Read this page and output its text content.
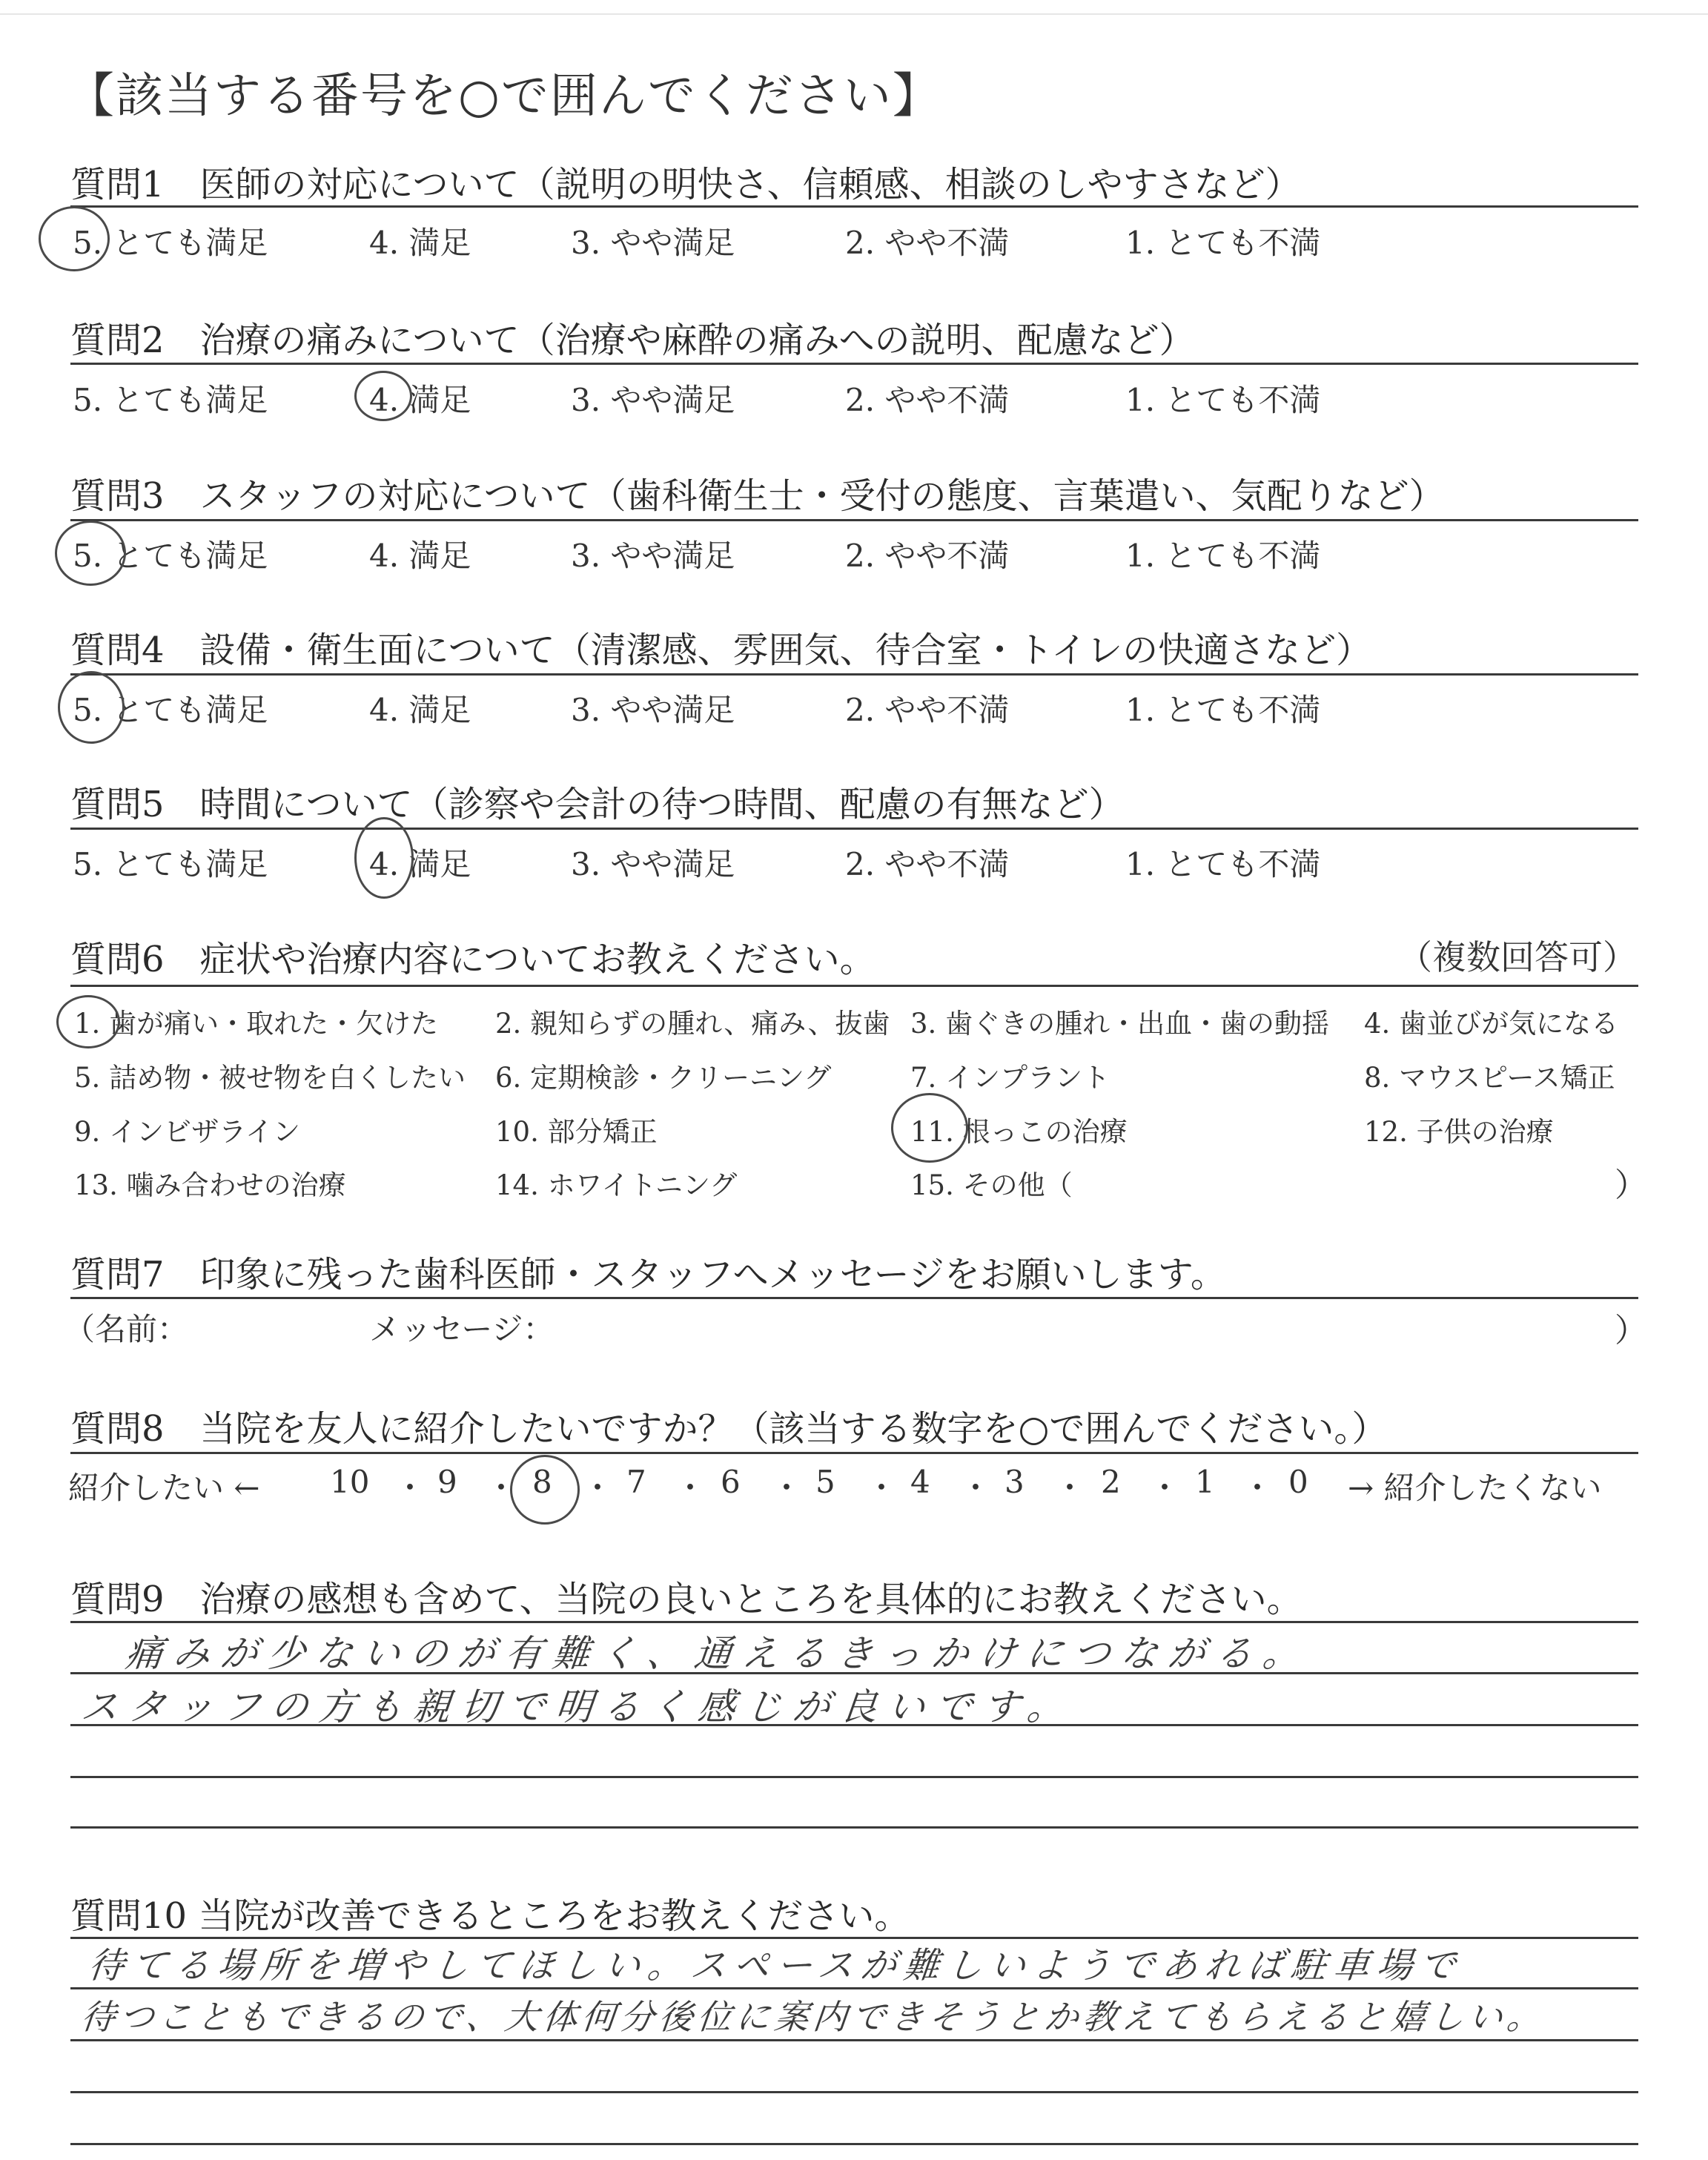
【該当する番号を○で囲んでください】
質問1　医師の対応について（説明の明快さ、信頼感、相談のしやすさなど）
5. とても満足	4. 満足	3. やや満足	2. やや不満	1. とても不満
質問2　治療の痛みについて（治療や麻酔の痛みへの説明、配慮など）
5. とても満足	4. 満足	3. やや満足	2. やや不満	1. とても不満
質問3　スタッフの対応について（歯科衛生士・受付の態度、言葉遣い、気配りなど）
5. とても満足	4. 満足	3. やや満足	2. やや不満	1. とても不満
質問4　設備・衛生面について（清潔感、雰囲気、待合室・トイレの快適さなど）
5. とても満足	4. 満足	3. やや満足	2. やや不満	1. とても不満
質問5　時間について（診察や会計の待つ時間、配慮の有無など）
5. とても満足	4. 満足	3. やや満足	2. やや不満	1. とても不満
質問6　症状や治療内容についてお教えください。	（複数回答可）
1. 歯が痛い・取れた・欠けた 2. 親知らずの腫れ、痛み、抜歯 3. 歯ぐきの腫れ・出血・歯の動揺 4. 歯並びが気になる
5. 詰め物・被せ物を白くしたい 6. 定期検診・クリーニング	7. インプラント	8. マウスピース矯正
9. インビザライン	10. 部分矯正	11. 根っこの治療	12. 子供の治療
13. 噛み合わせの治療	14. ホワイトニング	15. その他（	）
質問7　印象に残った歯科医師・スタッフへメッセージをお願いします。
（名前：	メッセージ：	）
質問8　当院を友人に紹介したいですか？（該当する数字を○で囲んでください。）
紹介したい ←	→ 紹介したくない
10 ・ 9 ・ 8 ・ 7 ・ 6 ・ 5 ・ 4 ・ 3 ・ 2 ・ 1 ・ 0
質問9　治療の感想も含めて、当院の良いところを具体的にお教えください。
痛みが少ないのが有難く、通えるきっかけにつながる。
スタッフの方も親切で明るく感じが良いです。
質問10 当院が改善できるところをお教えください。
待てる場所を増やしてほしい。スペースが難しいようであれば駐車場で
待つこともできるので、大体何分後位に案内できそうとか教えてもらえると嬉しい。
